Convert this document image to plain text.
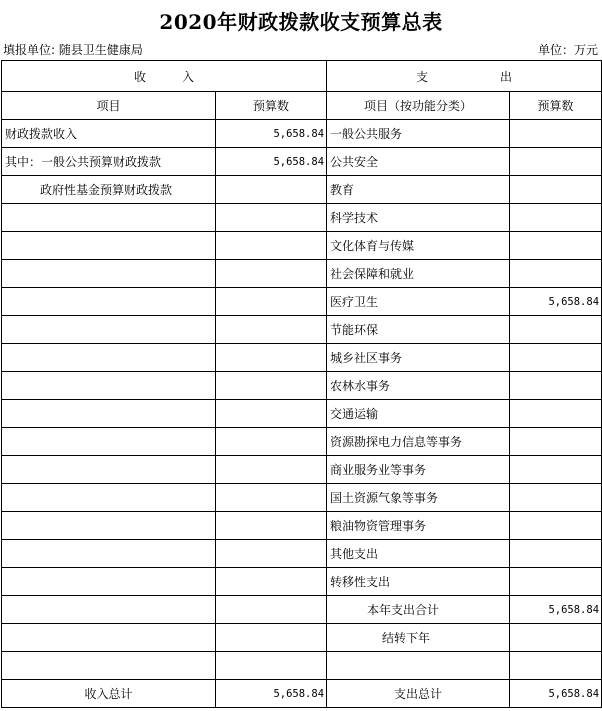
2020年财政拨款收支预算总表
填报单位: 随县卫生健康局	单位：万元
收　　　入		支　　　　　　出	
项目	预算数	项目（按功能分类）	预算数
财政拨款收入	5,658.84	一般公共服务	
其中：一般公共预算财政拨款	5,658.84	公共安全	
政府性基金预算财政拨款		教育	
		科学技术	
		文化体育与传媒	
		社会保障和就业	
		医疗卫生	5,658.84
		节能环保	
		城乡社区事务	
		农林水事务	
		交通运输	
		资源勘探电力信息等事务	
		商业服务业等事务	
		国土资源气象等事务	
		粮油物资管理事务	
		其他支出	
		转移性支出	
		本年支出合计	5,658.84
		结转下年	

收入总计	5,658.84	支出总计	5,658.84
